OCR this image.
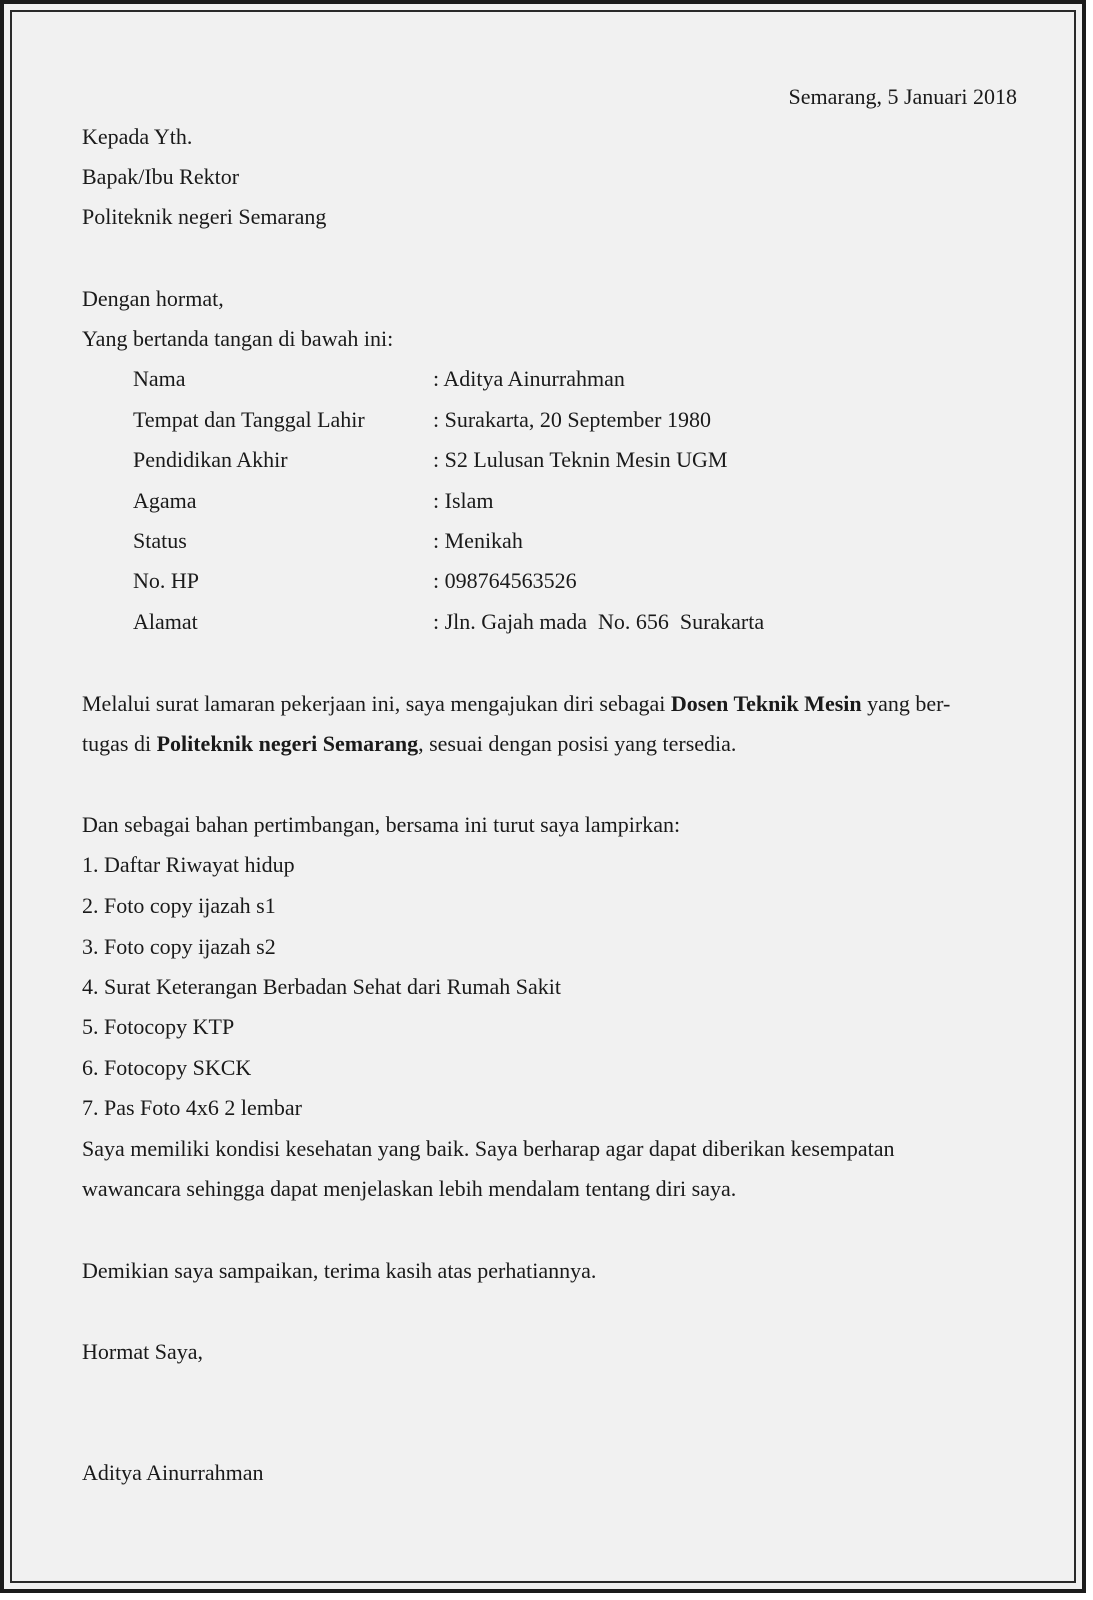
Semarang, 5 Januari 2018
Kepada Yth.
Bapak/Ibu Rektor
Politeknik negeri Semarang
Dengan hormat,
Yang bertanda tangan di bawah ini:
Nama	: Aditya Ainurrahman
Tempat dan Tanggal Lahir	: Surakarta, 20 September 1980
Pendidikan Akhir	: S2 Lulusan Teknin Mesin UGM
Agama	: Islam
Status	: Menikah
No. HP	: 098764563526
Alamat	: Jln. Gajah mada  No. 656  Surakarta
Melalui surat lamaran pekerjaan ini, saya mengajukan diri sebagai Dosen Teknik Mesin yang ber-
tugas di Politeknik negeri Semarang, sesuai dengan posisi yang tersedia.
Dan sebagai bahan pertimbangan, bersama ini turut saya lampirkan:
1. Daftar Riwayat hidup
2. Foto copy ijazah s1
3. Foto copy ijazah s2
4. Surat Keterangan Berbadan Sehat dari Rumah Sakit
5. Fotocopy KTP
6. Fotocopy SKCK
7. Pas Foto 4x6 2 lembar
Saya memiliki kondisi kesehatan yang baik. Saya berharap agar dapat diberikan kesempatan
wawancara sehingga dapat menjelaskan lebih mendalam tentang diri saya.
Demikian saya sampaikan, terima kasih atas perhatiannya.
Hormat Saya,
Aditya Ainurrahman
